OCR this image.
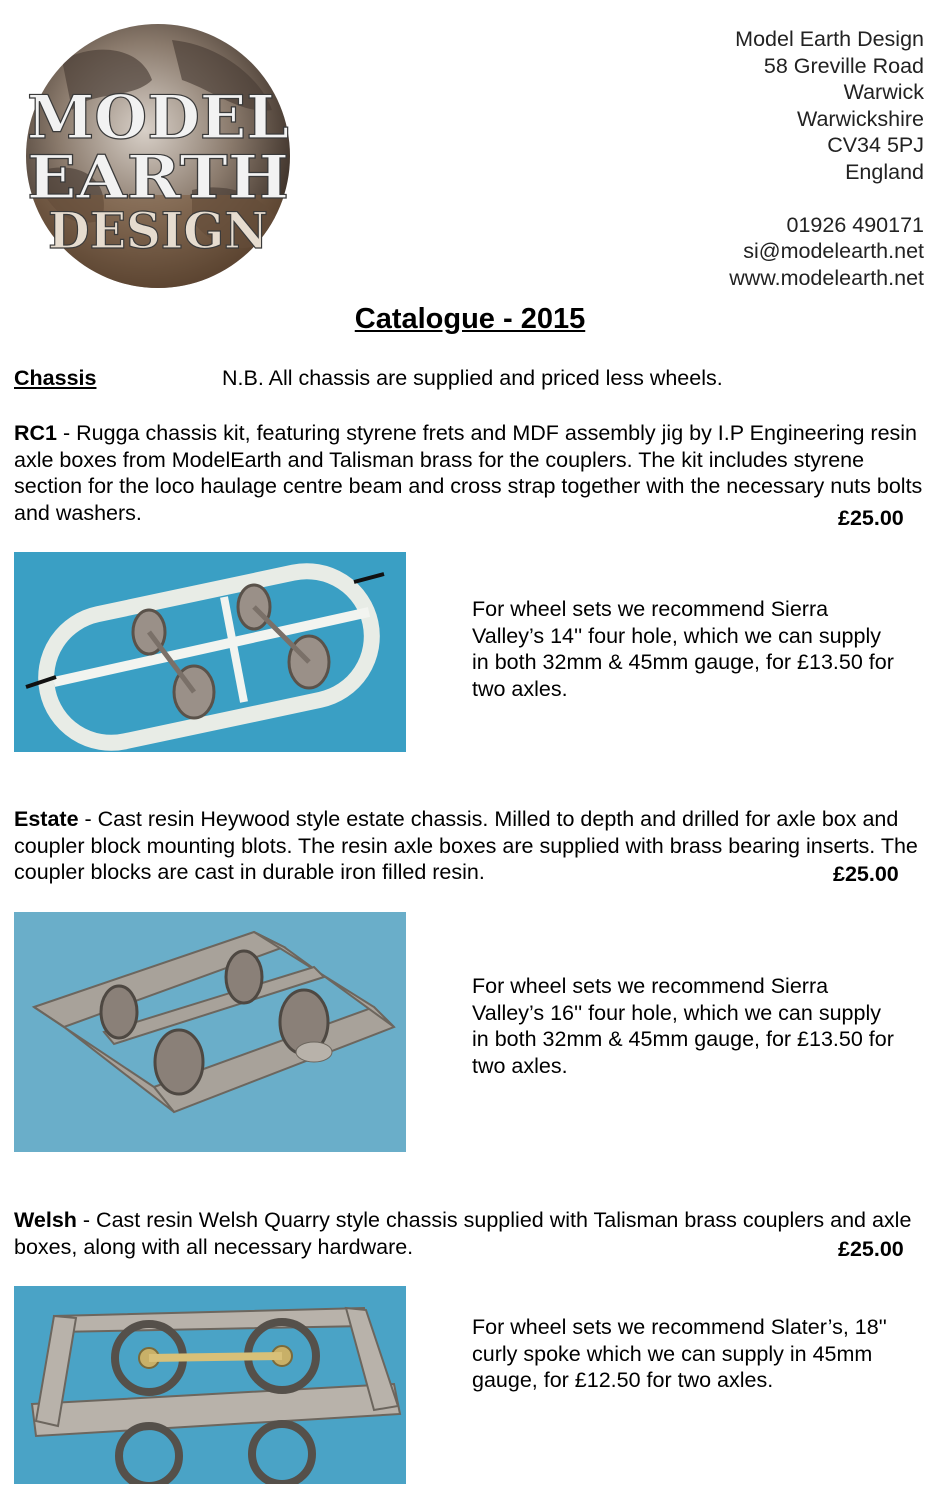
MODEL
EARTH
DESIGN
Model Earth Design
58 Greville Road
Warwick
Warwickshire
CV34 5PJ
England
01926 490171
si@modelearth.net
www.modelearth.net
Catalogue - 2015
Chassis	N.B. All chassis are supplied and priced less wheels.
RC1 - Rugga chassis kit, featuring styrene frets and MDF assembly jig by I.P Engineering resin axle boxes from ModelEarth and Talisman brass for the couplers. The kit includes styrene section for the loco haulage centre beam and cross strap together with the necessary nuts bolts and washers.	£25.00
For wheel sets we recommend Sierra Valley’s 14'' four hole, which we can supply in both 32mm & 45mm gauge, for £13.50 for two axles.
Estate - Cast resin Heywood style estate chassis. Milled to depth and drilled for axle box and coupler block mounting blots. The resin axle boxes are supplied with brass bearing inserts. The coupler blocks are cast in durable iron filled resin.	£25.00
For wheel sets we recommend Sierra Valley’s 16'' four hole, which we can supply in both 32mm & 45mm gauge, for £13.50 for two axles.
Welsh - Cast resin Welsh Quarry style chassis supplied with Talisman brass couplers and axle boxes, along with all necessary hardware.	£25.00
For wheel sets we recommend Slater’s, 18'' curly spoke which we can supply in 45mm gauge, for £12.50 for two axles.
